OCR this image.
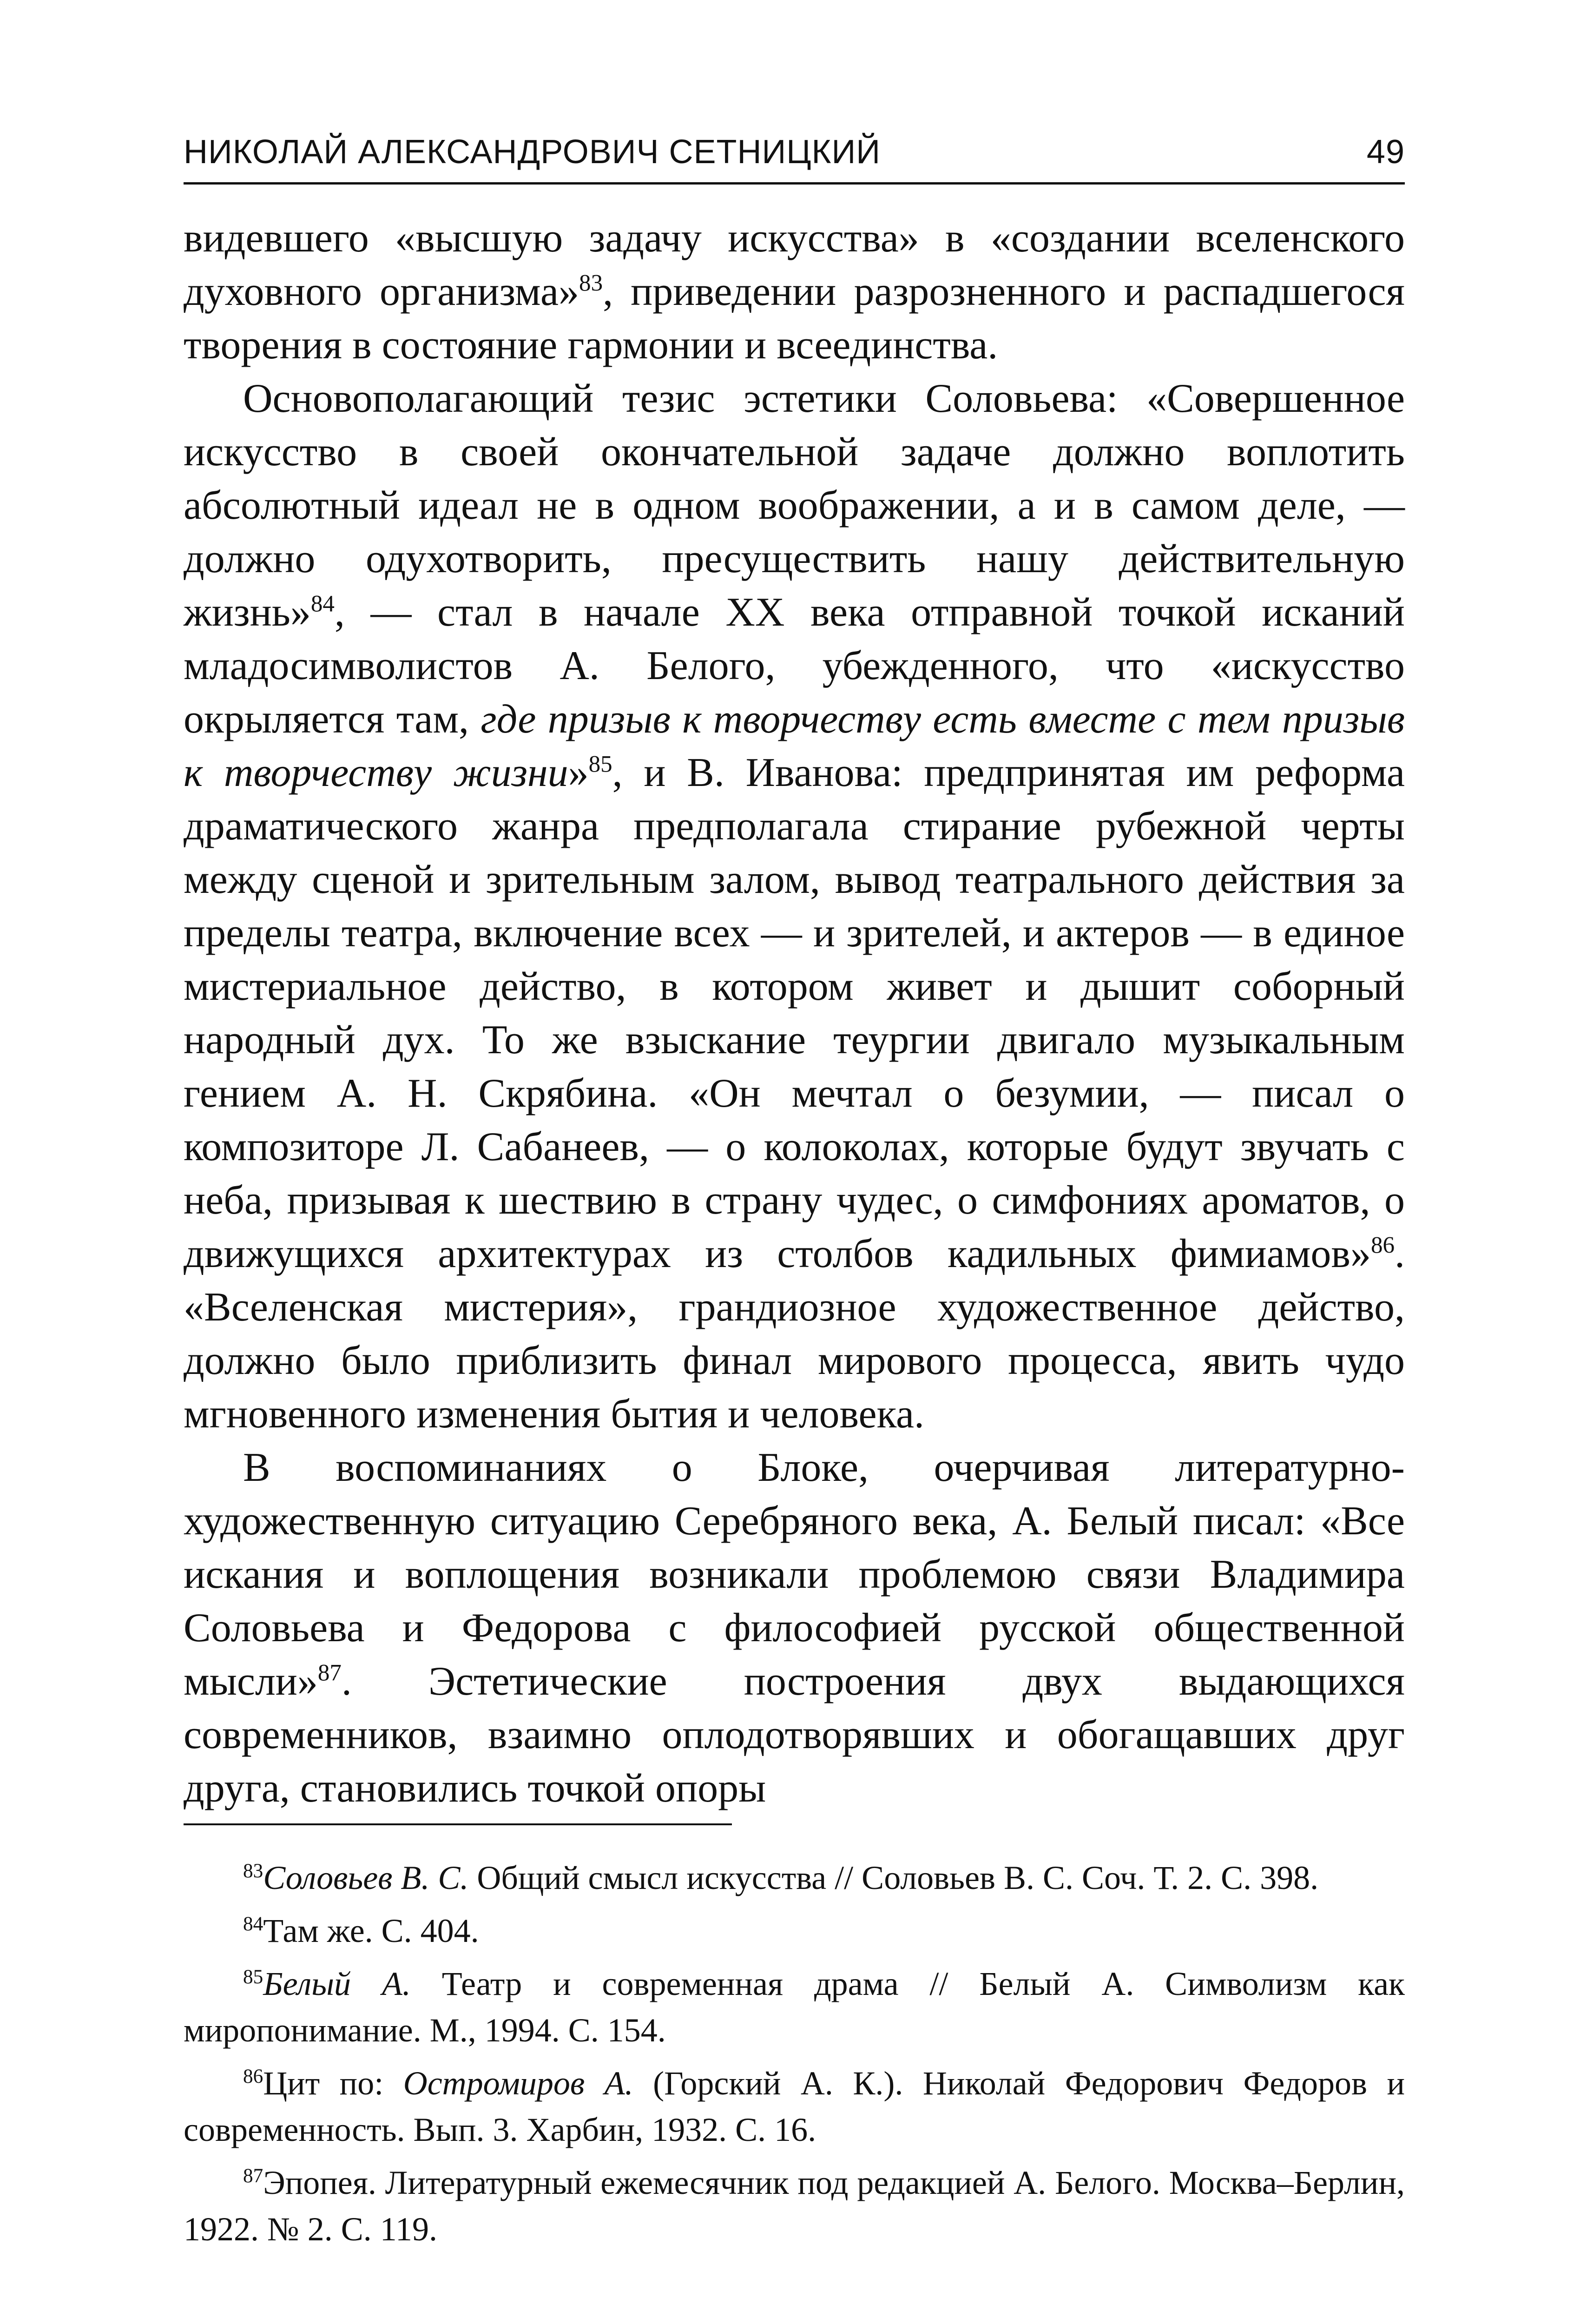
НИКОЛАЙ АЛЕКСАНДРОВИЧ СЕТНИЦКИЙ	49

видевшего «высшую задачу искусства» в «создании вселенского духовного организма»$^{83}$, приведении разрозненного и распадшегося творения в состояние гармонии и всеединства.

Основополагающий тезис эстетики Соловьева: «Совершенное искусство в своей окончательной задаче должно воплотить абсолютный идеал не в одном воображении, а и в самом деле, — должно одухотворить, пресуществить нашу действительную жизнь»$^{84}$, — стал в начале XX века отправной точкой исканий младосимволистов А. Белого, убежденного, что «искусство окрыляется там, где призыв к творчеству есть вместе с тем призыв к творчеству жизни»$^{85}$, и В. Иванова: предпринятая им реформа драматического жанра предполагала стирание рубежной черты между сценой и зрительным залом, вывод театрального действия за пределы театра, включение всех — и зрителей, и актеров — в единое мистериальное действо, в котором живет и дышит соборный народный дух. То же взыскание теургии двигало музыкальным гением А. Н. Скрябина. «Он мечтал о безумии, — писал о композиторе Л. Сабанеев, — о колоколах, которые будут звучать с неба, призывая к шествию в страну чудес, о симфониях ароматов, о движущихся архитектурах из столбов кадильных фимиамов»$^{86}$. «Вселенская мистерия», грандиозное художественное действо, должно было приблизить финал мирового процесса, явить чудо мгновенного изменения бытия и человека.

В воспоминаниях о Блоке, очерчивая литературно-художественную ситуацию Серебряного века, А. Белый писал: «Все искания и воплощения возникали проблемою связи Владимира Соловьева и Федорова с философией русской общественной мысли»$^{87}$. Эстетические построения двух выдающихся современников, взаимно оплодотворявших и обогащавших друг друга, становились точкой опоры

$^{83}$Соловьев В. С. Общий смысл искусства // Соловьев В. С. Соч. Т. 2. С. 398.

$^{84}$Там же. С. 404.

$^{85}$Белый А. Театр и современная драма // Белый А. Символизм как миропонимание. М., 1994. С. 154.

$^{86}$Цит по: Остромиров А. (Горский А. К.). Николай Федорович Федоров и современность. Вып. 3. Харбин, 1932. С. 16.

$^{87}$Эпопея. Литературный ежемесячник под редакцией А. Белого. Москва–Берлин, 1922. № 2. С. 119.
